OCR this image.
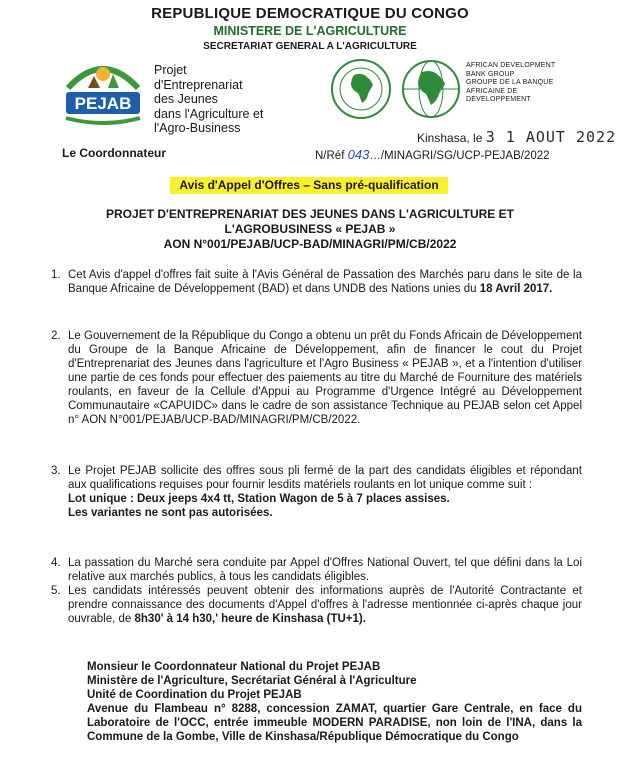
REPUBLIQUE DEMOCRATIQUE DU CONGO
MINISTERE DE L'AGRICULTURE
SECRETARIAT GENERAL A L'AGRICULTURE
PEJAB
Projet
d'Entreprenariat
des Jeunes
dans l'Agriculture et
l'Agro-Business
Le Coordonnateur
AFRICAN DEVELOPMENT
BANK GROUP
GROUPE DE LA BANQUE
AFRICAINE DE
DEVELOPPEMENT
Kinshasa, le 3 1 AOUT 2022
N/Réf 043…/MINAGRI/SG/UCP-PEJAB/2022
Avis d'Appel d'Offres – Sans pré-qualification
PROJET D'ENTREPRENARIAT DES JEUNES DANS L'AGRICULTURE ET
L'AGROBUSINESS « PEJAB »
AON N°001/PEJAB/UCP-BAD/MINAGRI/PM/CB/2022
1. Cet Avis d'appel d'offres fait suite à l'Avis Général de Passation des Marchés paru dans le site de la Banque Africaine de Développement (BAD) et dans UNDB des Nations unies du 18 Avril 2017.
2. Le Gouvernement de la République du Congo a obtenu un prêt du Fonds Africain de Développement du Groupe de la Banque Africaine de Développement, afin de financer le cout du Projet d'Entreprenariat des Jeunes dans l'agriculture et l'Agro Business « PEJAB », et a l'intention d'utiliser une partie de ces fonds pour effectuer des paiements au titre du Marché de Fourniture des matériels roulants, en faveur de la Cellule d'Appui au Programme d'Urgence Intégré au Développement Communautaire «CAPUIDC» dans le cadre de son assistance Technique au PEJAB selon cet Appel n° AON N°001/PEJAB/UCP-BAD/MINAGRI/PM/CB/2022.
3. Le Projet PEJAB sollicite des offres sous pli fermé de la part des candidats éligibles et répondant aux qualifications requises pour fournir lesdits matériels roulants en lot unique comme suit :
Lot unique : Deux jeeps 4x4 tt, Station Wagon de 5 à 7 places assises.
Les variantes ne sont pas autorisées.
4. La passation du Marché sera conduite par Appel d'Offres National Ouvert, tel que défini dans la Loi relative aux marchés publics, à tous les candidats éligibles.
5. Les candidats intéressés peuvent obtenir des informations auprès de l'Autorité Contractante et prendre connaissance des documents d'Appel d'offres à l'adresse mentionnée ci-après chaque jour ouvrable, de 8h30' à 14 h30,' heure de Kinshasa (TU+1).
Monsieur le Coordonnateur National du Projet PEJAB
Ministère de l'Agriculture, Secrétariat Général à l'Agriculture
Unité de Coordination du Projet PEJAB
Avenue du Flambeau n° 8288, concession ZAMAT, quartier Gare Centrale, en face du Laboratoire de l'OCC, entrée immeuble MODERN PARADISE, non loin de l'INA, dans la Commune de la Gombe, Ville de Kinshasa/République Démocratique du Congo
